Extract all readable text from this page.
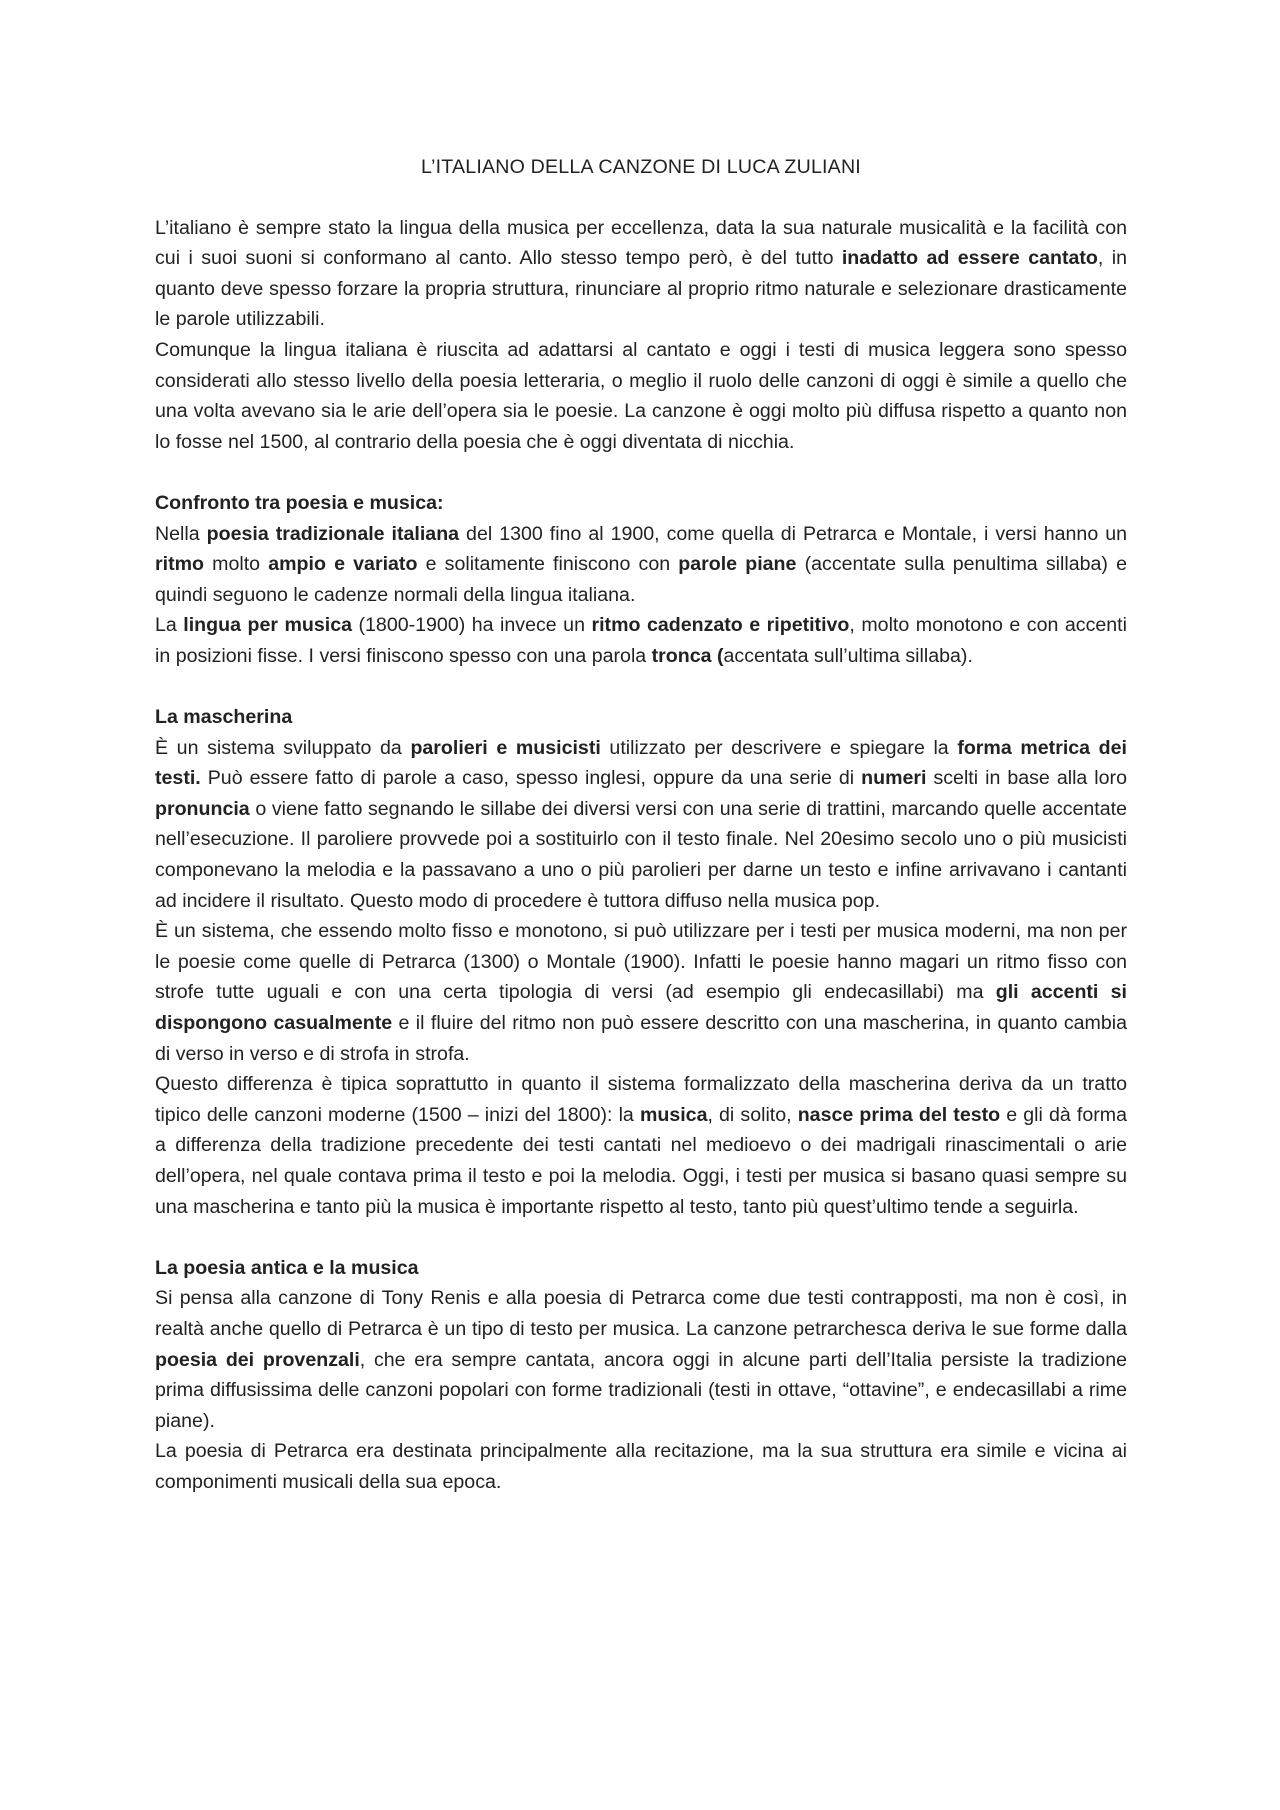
L’ITALIANO DELLA CANZONE DI LUCA ZULIANI

L’italiano è sempre stato la lingua della musica per eccellenza, data la sua naturale musicalità e la facilità con cui i suoi suoni si conformano al canto. Allo stesso tempo però, è del tutto inadatto ad essere cantato, in quanto deve spesso forzare la propria struttura, rinunciare al proprio ritmo naturale e selezionare drasticamente le parole utilizzabili.

Comunque la lingua italiana è riuscita ad adattarsi al cantato e oggi i testi di musica leggera sono spesso considerati allo stesso livello della poesia letteraria, o meglio il ruolo delle canzoni di oggi è simile a quello che una volta avevano sia le arie dell’opera sia le poesie. La canzone è oggi molto più diffusa rispetto a quanto non lo fosse nel 1500, al contrario della poesia che è oggi diventata di nicchia.

Confronto tra poesia e musica:

Nella poesia tradizionale italiana del 1300 fino al 1900, come quella di Petrarca e Montale, i versi hanno un ritmo molto ampio e variato e solitamente finiscono con parole piane (accentate sulla penultima sillaba) e quindi seguono le cadenze normali della lingua italiana.

La lingua per musica (1800-1900) ha invece un ritmo cadenzato e ripetitivo, molto monotono e con accenti in posizioni fisse. I versi finiscono spesso con una parola tronca (accentata sull’ultima sillaba).

La mascherina

È un sistema sviluppato da parolieri e musicisti utilizzato per descrivere e spiegare la forma metrica dei testi. Può essere fatto di parole a caso, spesso inglesi, oppure da una serie di numeri scelti in base alla loro pronuncia o viene fatto segnando le sillabe dei diversi versi con una serie di trattini, marcando quelle accentate nell’esecuzione. Il paroliere provvede poi a sostituirlo con il testo finale. Nel 20esimo secolo uno o più musicisti componevano la melodia e la passavano a uno o più parolieri per darne un testo e infine arrivavano i cantanti ad incidere il risultato. Questo modo di procedere è tuttora diffuso nella musica pop.

È un sistema, che essendo molto fisso e monotono, si può utilizzare per i testi per musica moderni, ma non per le poesie come quelle di Petrarca (1300) o Montale (1900). Infatti le poesie hanno magari un ritmo fisso con strofe tutte uguali e con una certa tipologia di versi (ad esempio gli endecasillabi) ma gli accenti si dispongono casualmente e il fluire del ritmo non può essere descritto con una mascherina, in quanto cambia di verso in verso e di strofa in strofa.

Questo differenza è tipica soprattutto in quanto il sistema formalizzato della mascherina deriva da un tratto tipico delle canzoni moderne (1500 – inizi del 1800): la musica, di solito, nasce prima del testo e gli dà forma a differenza della tradizione precedente dei testi cantati nel medioevo o dei madrigali rinascimentali o arie dell’opera, nel quale contava prima il testo e poi la melodia. Oggi, i testi per musica si basano quasi sempre su una mascherina e tanto più la musica è importante rispetto al testo, tanto più quest’ultimo tende a seguirla.

La poesia antica e la musica

Si pensa alla canzone di Tony Renis e alla poesia di Petrarca come due testi contrapposti, ma non è così, in realtà anche quello di Petrarca è un tipo di testo per musica. La canzone petrarchesca deriva le sue forme dalla poesia dei provenzali, che era sempre cantata, ancora oggi in alcune parti dell’Italia persiste la tradizione prima diffusissima delle canzoni popolari con forme tradizionali (testi in ottave, “ottavine”, e endecasillabi a rime piane).

La poesia di Petrarca era destinata principalmente alla recitazione, ma la sua struttura era simile e vicina ai componimenti musicali della sua epoca.
